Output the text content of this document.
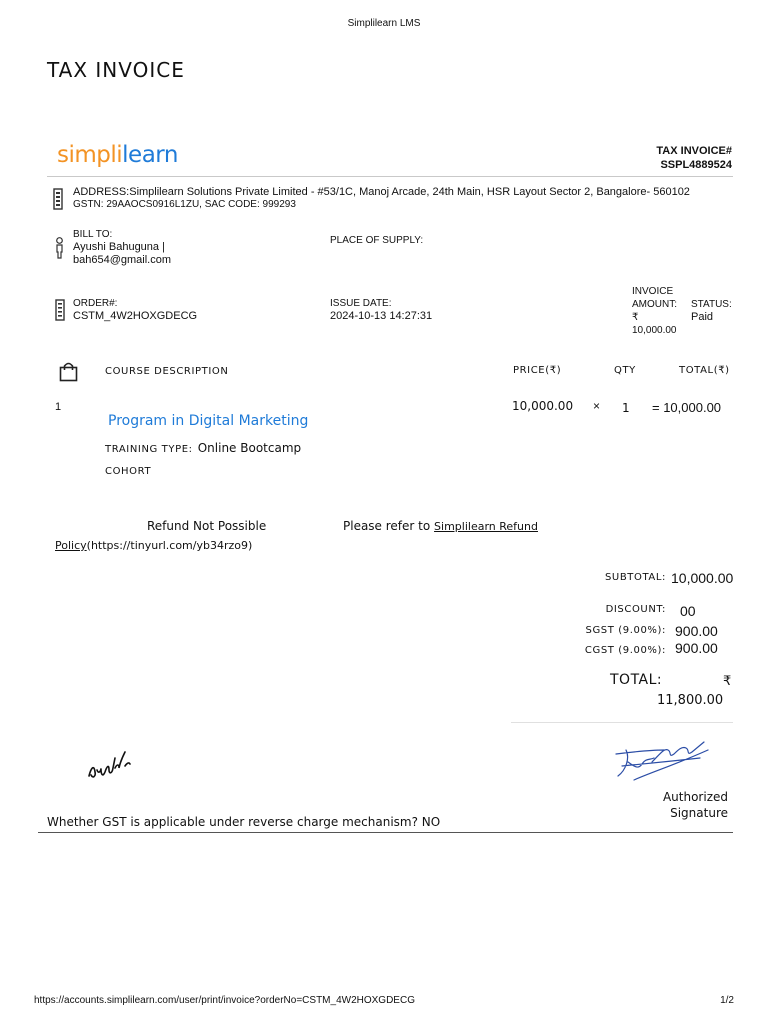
Simplilearn LMS
TAX INVOICE
simplilearn	TAX INVOICE#
SSPL4889524
ADDRESS:Simplilearn Solutions Private Limited - #53/1C, Manoj Arcade, 24th Main, HSR Layout Sector 2, Bangalore- 560102
GSTN: 29AAOCS0916L1ZU, SAC CODE: 999293
BILL TO:
Ayushi Bahuguna |
bah654@gmail.com
PLACE OF SUPPLY:
ORDER#:
CSTM_4W2HOXGDECG
ISSUE DATE:
2024-10-13 14:27:31
INVOICE
AMOUNT:
₹
10,000.00
STATUS:
Paid
COURSE DESCRIPTION	PRICE(₹)	QTY	TOTAL(₹)
1
Program in Digital Marketing
TRAINING TYPE: Online Bootcamp
COHORT
10,000.00 × 1 = 10,000.00
Refund Not Possible	Please refer to Simplilearn Refund
Policy(https://tinyurl.com/yb34rzo9)
SUBTOTAL: 10,000.00
DISCOUNT: 00
SGST (9.00%): 900.00
CGST (9.00%): 900.00
TOTAL:	₹
11,800.00
Authorized
Signature
Whether GST is applicable under reverse charge mechanism? NO
https://accounts.simplilearn.com/user/print/invoice?orderNo=CSTM_4W2HOXGDECG	1/2
